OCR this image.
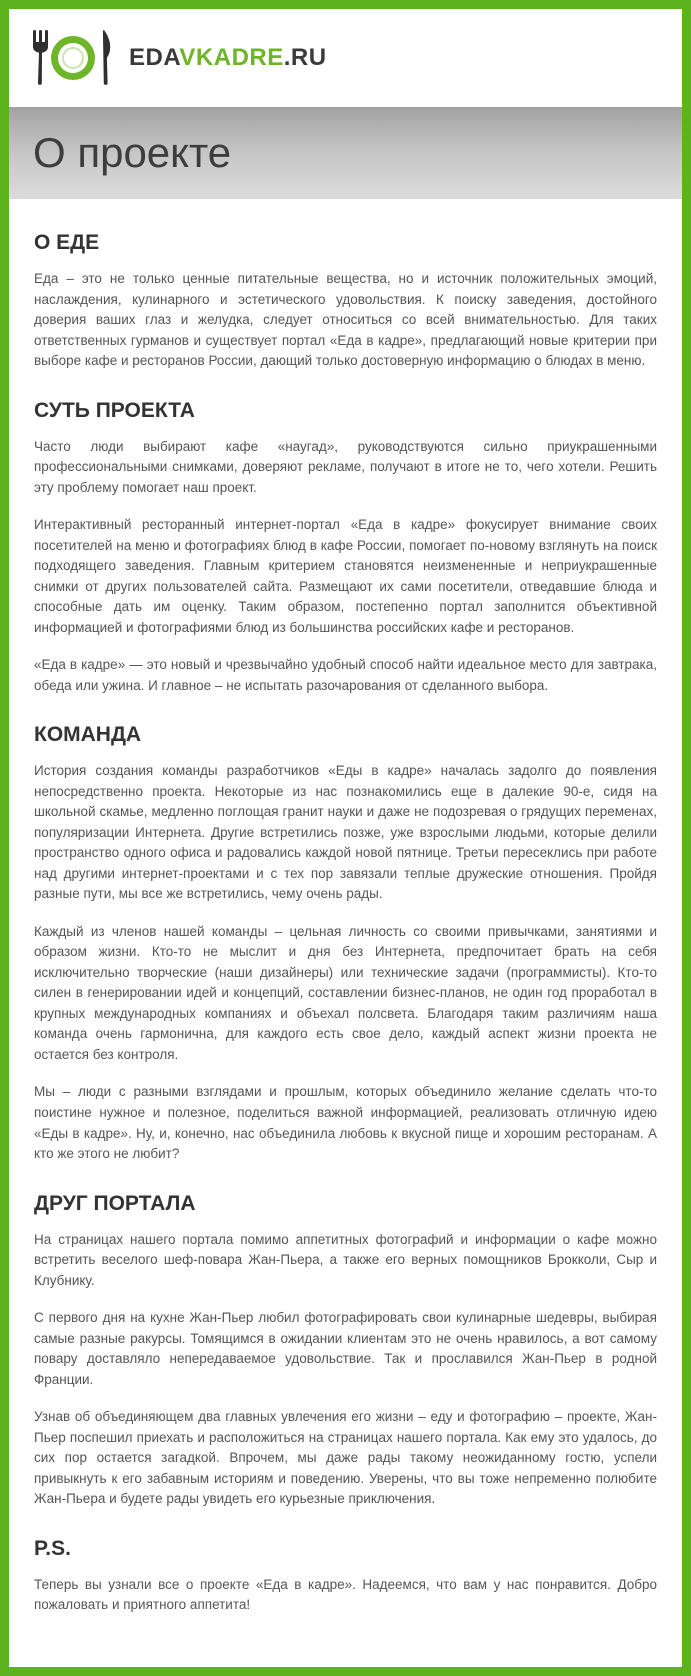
EDAVKADRE.RU
О проекте
О ЕДЕ

Еда – это не только ценные питательные вещества, но и источник положительных эмоций, наслаждения, кулинарного и эстетического удовольствия. К поиску заведения, достойного доверия ваших глаз и желудка, следует относиться со всей внимательностью. Для таких ответственных гурманов и существует портал «Еда в кадре», предлагающий новые критерии при выборе кафе и ресторанов России, дающий только достоверную информацию о блюдах в меню.

СУТЬ ПРОЕКТА

Часто люди выбирают кафе «наугад», руководствуются сильно приукрашенными профессиональными снимками, доверяют рекламе, получают в итоге не то, чего хотели. Решить эту проблему помогает наш проект.

Интерактивный ресторанный интернет-портал «Еда в кадре» фокусирует внимание своих посетителей на меню и фотографиях блюд в кафе России, помогает по-новому взглянуть на поиск подходящего заведения. Главным критерием становятся неизмененные и неприукрашенные снимки от других пользователей сайта. Размещают их сами посетители, отведавшие блюда и способные дать им оценку. Таким образом, постепенно портал заполнится объективной информацией и фотографиями блюд из большинства российских кафе и ресторанов.

«Еда в кадре» — это новый и чрезвычайно удобный способ найти идеальное место для завтрака, обеда или ужина. И главное – не испытать разочарования от сделанного выбора.

КОМАНДА

История создания команды разработчиков «Еды в кадре» началась задолго до появления непосредственно проекта. Некоторые из нас познакомились еще в далекие 90-е, сидя на школьной скамье, медленно поглощая гранит науки и даже не подозревая о грядущих переменах, популяризации Интернета. Другие встретились позже, уже взрослыми людьми, которые делили пространство одного офиса и радовались каждой новой пятнице. Третьи пересеклись при работе над другими интернет-проектами и с тех пор завязали теплые дружеские отношения. Пройдя разные пути, мы все же встретились, чему очень рады.

Каждый из членов нашей команды – цельная личность со своими привычками, занятиями и образом жизни. Кто-то не мыслит и дня без Интернета, предпочитает брать на себя исключительно творческие (наши дизайнеры) или технические задачи (программисты). Кто-то силен в генерировании идей и концепций, составлении бизнес-планов, не один год проработал в крупных международных компаниях и объехал полсвета. Благодаря таким различиям наша команда очень гармонична, для каждого есть свое дело, каждый аспект жизни проекта не остается без контроля.

Мы – люди с разными взглядами и прошлым, которых объединило желание сделать что-то поистине нужное и полезное, поделиться важной информацией, реализовать отличную идею «Еды в кадре». Ну, и, конечно, нас объединила любовь к вкусной пище и хорошим ресторанам. А кто же этого не любит?

ДРУГ ПОРТАЛА

На страницах нашего портала помимо аппетитных фотографий и информации о кафе можно встретить веселого шеф-повара Жан-Пьера, а также его верных помощников Брокколи, Сыр и Клубнику.

С первого дня на кухне Жан-Пьер любил фотографировать свои кулинарные шедевры, выбирая самые разные ракурсы. Томящимся в ожидании клиентам это не очень нравилось, а вот самому повару доставляло непередаваемое удовольствие. Так и прославился Жан-Пьер в родной Франции.

Узнав об объединяющем два главных увлечения его жизни – еду и фотографию – проекте, Жан-Пьер поспешил приехать и расположиться на страницах нашего портала. Как ему это удалось, до сих пор остается загадкой. Впрочем, мы даже рады такому неожиданному гостю, успели привыкнуть к его забавным историям и поведению. Уверены, что вы тоже непременно полюбите Жан-Пьера и будете рады увидеть его курьезные приключения.

P.S.

Теперь вы узнали все о проекте «Еда в кадре». Надеемся, что вам у нас понравится. Добро пожаловать и приятного аппетита!
